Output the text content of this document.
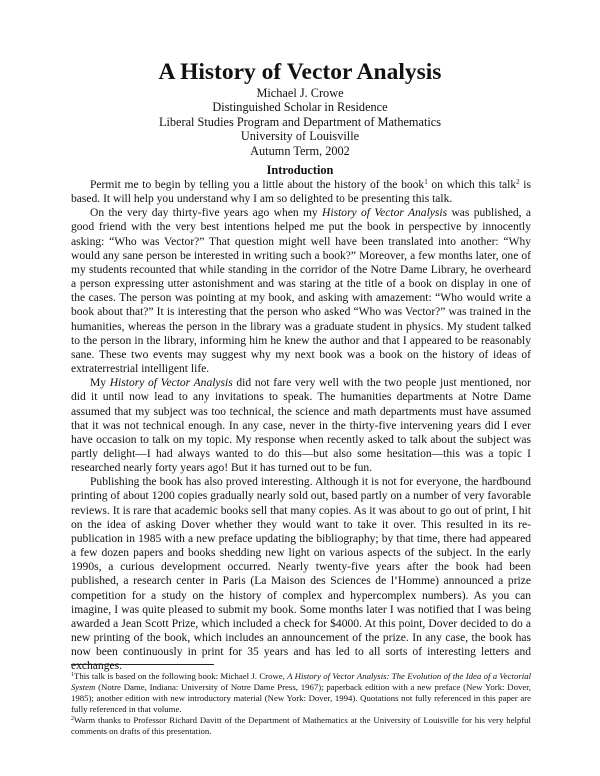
A History of Vector Analysis
Michael J. Crowe
Distinguished Scholar in Residence
Liberal Studies Program and Department of Mathematics
University of Louisville
Autumn Term, 2002
Introduction

Permit me to begin by telling you a little about the history of the book$^1$ on which this talk$^2$ is based. It will help you understand why I am so delighted to be presenting this talk.

On the very day thirty-five years ago when my History of Vector Analysis was published, a good friend with the very best intentions helped me put the book in perspective by innocently asking: “Who was Vector?” That question might well have been translated into another: “Why would any sane person be interested in writing such a book?” Moreover, a few months later, one of my students recounted that while standing in the corridor of the Notre Dame Library, he overheard a person expressing utter astonishment and was staring at the title of a book on display in one of the cases. The person was pointing at my book, and asking with amazement: “Who would write a book about that?” It is interesting that the person who asked “Who was Vector?” was trained in the humanities, whereas the person in the library was a graduate student in physics. My student talked to the person in the library, informing him he knew the author and that I appeared to be reasonably sane. These two events may suggest why my next book was a book on the history of ideas of extraterrestrial intelligent life.

My History of Vector Analysis did not fare very well with the two people just mentioned, nor did it until now lead to any invitations to speak. The humanities departments at Notre Dame assumed that my subject was too technical, the science and math departments must have assumed that it was not technical enough. In any case, never in the thirty-five intervening years did I ever have occasion to talk on my topic. My response when recently asked to talk about the subject was partly delight—I had always wanted to do this—but also some hesitation—this was a topic I researched nearly forty years ago! But it has turned out to be fun.

Publishing the book has also proved interesting. Although it is not for everyone, the hardbound printing of about 1200 copies gradually nearly sold out, based partly on a number of very favorable reviews. It is rare that academic books sell that many copies. As it was about to go out of print, I hit on the idea of asking Dover whether they would want to take it over. This resulted in its re-publication in 1985 with a new preface updating the bibliography; by that time, there had appeared a few dozen papers and books shedding new light on various aspects of the subject. In the early 1990s, a curious development occurred. Nearly twenty-five years after the book had been published, a research center in Paris (La Maison des Sciences de l’Homme) announced a prize competition for a study on the history of complex and hypercomplex numbers). As you can imagine, I was quite pleased to submit my book. Some months later I was notified that I was being awarded a Jean Scott Prize, which included a check for $4000. At this point, Dover decided to do a new printing of the book, which includes an announcement of the prize. In any case, the book has now been continuously in print for 35 years and has led to all sorts of interesting letters and exchanges.

$^1$This talk is based on the following book: Michael J. Crowe, A History of Vector Analysis: The Evolution of the Idea of a Vectorial System (Notre Dame, Indiana: University of Notre Dame Press, 1967); paperback edition with a new preface (New York: Dover, 1985); another edition with new introductory material (New York: Dover, 1994). Quotations not fully referenced in this paper are fully referenced in that volume.

$^2$Warm thanks to Professor Richard Davitt of the Department of Mathematics at the University of Louisville for his very helpful comments on drafts of this presentation.
